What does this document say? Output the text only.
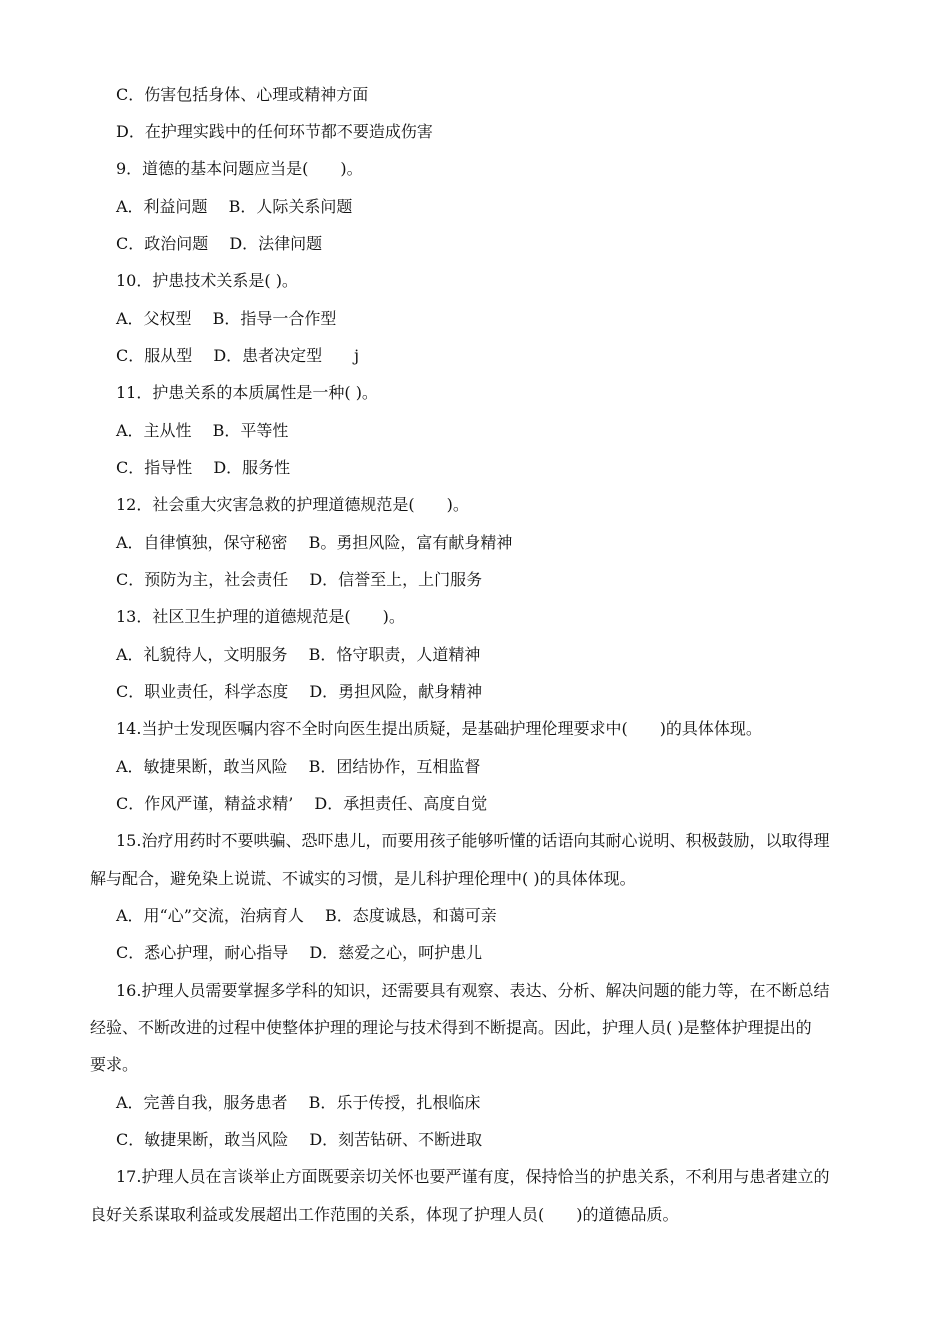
C．伤害包括身体、心理或精神方面
D．在护理实践中的任何环节都不要造成伤害
9．道德的基本问题应当是(　　)。
A．利益问题　 B．人际关系问题
C．政治问题　 D．法律问题
10．护患技术关系是( )。
A．父权型　 B．指导一合作型
C．服从型　 D．患者决定型　　j
11．护患关系的本质属性是一种( )。
A．主从性　 B．平等性
C．指导性　 D．服务性
12．社会重大灾害急救的护理道德规范是(　　)。
A．自律慎独，保守秘密　 B。勇担风险，富有献身精神
C．预防为主，社会责任　 D．信誉至上，上门服务
13．社区卫生护理的道德规范是(　　)。
A．礼貌待人，文明服务　 B．恪守职责，人道精神
C．职业责任，科学态度　 D．勇担风险，献身精神
14.当护士发现医嘱内容不全时向医生提出质疑，是基础护理伦理要求中(　　)的具体体现。
A．敏捷果断，敢当风险　 B．团结协作，互相监督
C．作风严谨，精益求精’　 D．承担责任、高度自觉
15.治疗用药时不要哄骗、恐吓患儿，而要用孩子能够听懂的话语向其耐心说明、积极鼓励，以取得理
解与配合，避免染上说谎、不诚实的习惯，是儿科护理伦理中( )的具体体现。
A．用“心”交流，治病育人　 B．态度诚恳，和蔼可亲
C．悉心护理，耐心指导　 D．慈爱之心，呵护患儿
16.护理人员需要掌握多学科的知识，还需要具有观察、表达、分析、解决问题的能力等，在不断总结
经验、不断改进的过程中使整体护理的理论与技术得到不断提高。因此，护理人员( )是整体护理提出的
要求。
A．完善自我，服务患者　 B．乐于传授，扎根临床
C．敏捷果断，敢当风险　 D．刻苦钻研、不断进取
17.护理人员在言谈举止方面既要亲切关怀也要严谨有度，保持恰当的护患关系，不利用与患者建立的
良好关系谋取利益或发展超出工作范围的关系，体现了护理人员(　　)的道德品质。
